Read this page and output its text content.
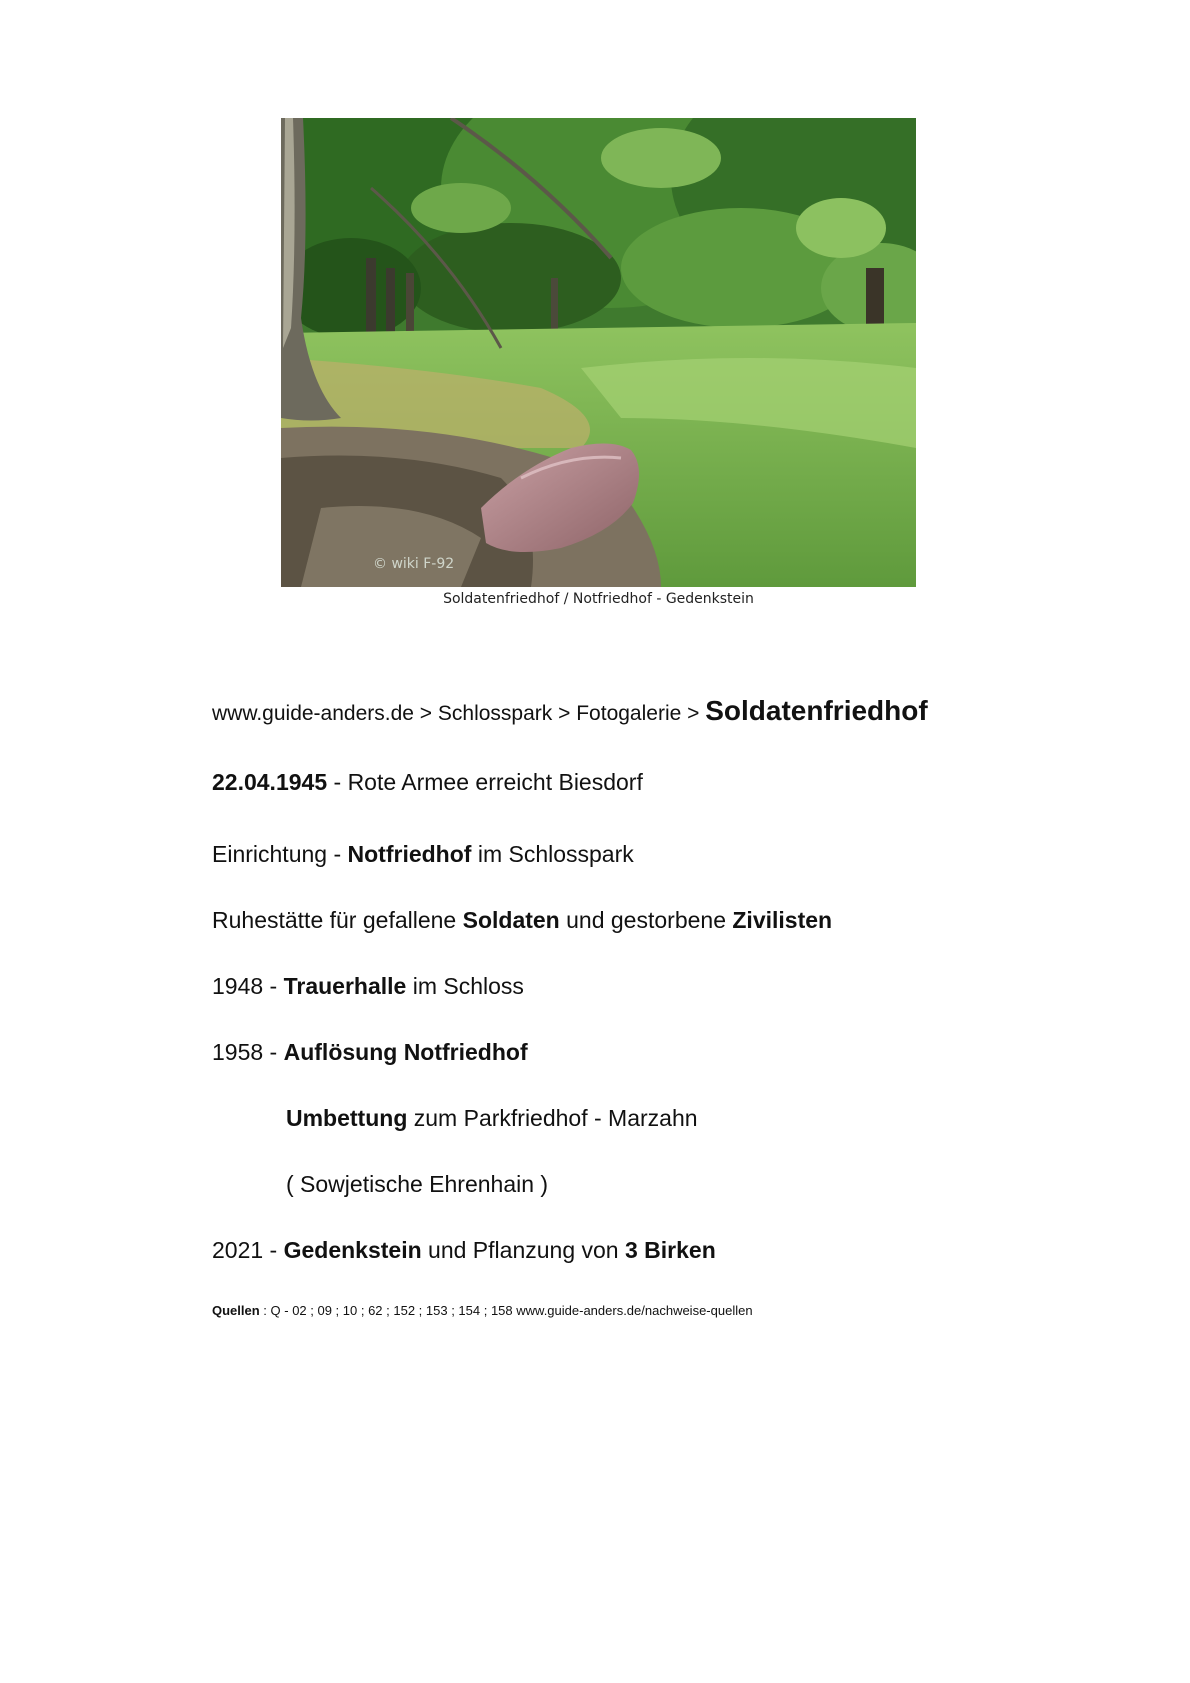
© wiki F-92
Soldatenfriedhof / Notfriedhof - Gedenkstein
www.guide-anders.de > Schlosspark > Fotogalerie > Soldatenfriedhof
22.04.1945 - Rote Armee erreicht Biesdorf
Einrichtung - Notfriedhof im Schlosspark
Ruhestätte für gefallene Soldaten und gestorbene Zivilisten
1948 - Trauerhalle im Schloss
1958 - Auflösung Notfriedhof
Umbettung zum Parkfriedhof - Marzahn
( Sowjetische Ehrenhain )
2021 - Gedenkstein und Pflanzung von 3 Birken
Quellen : Q - 02 ; 09 ; 10 ; 62 ; 152 ; 153 ; 154 ; 158 www.guide-anders.de/nachweise-quellen
